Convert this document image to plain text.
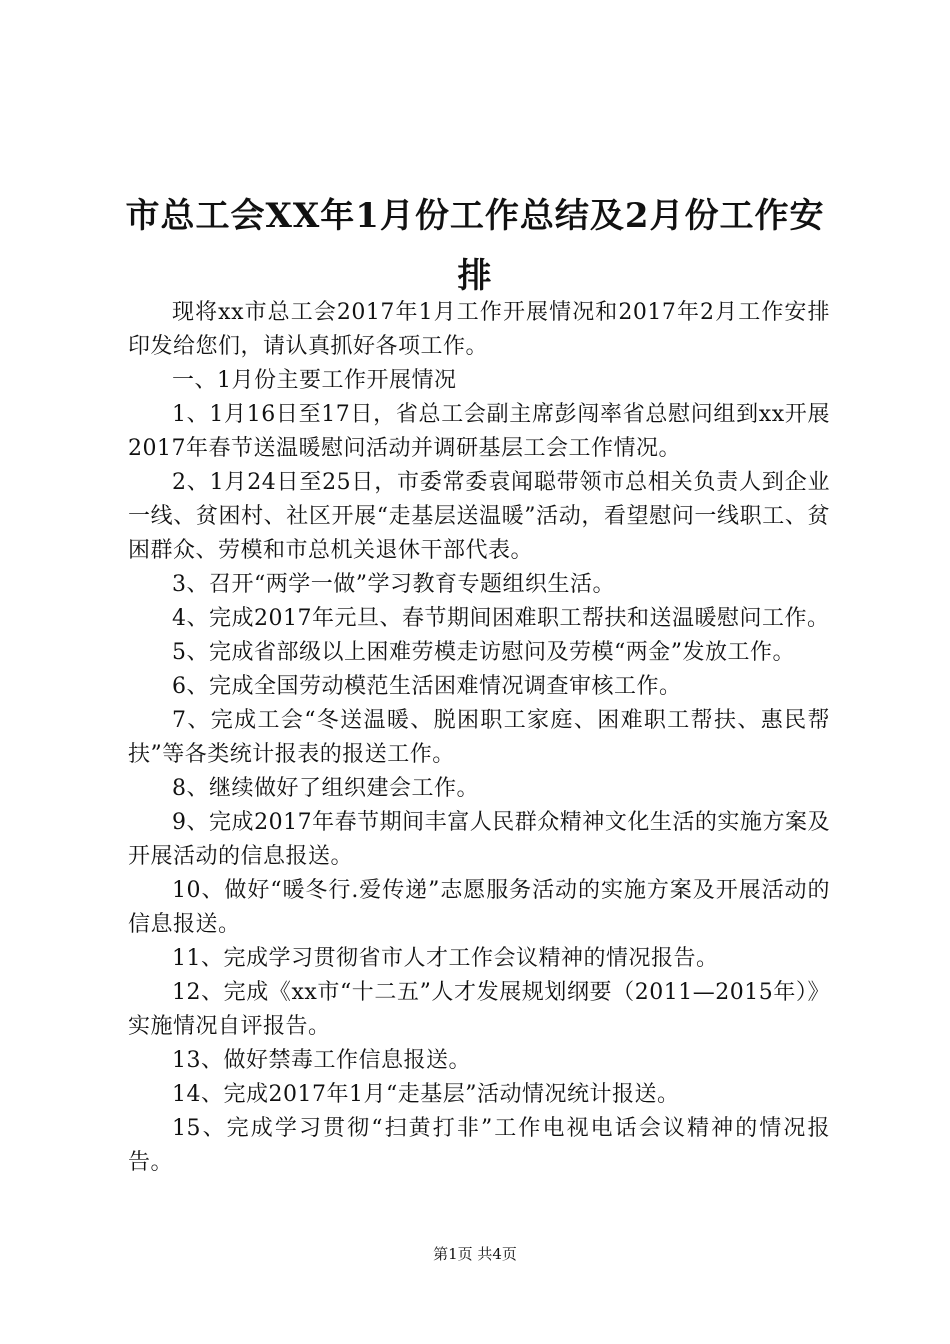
市总工会XX年1月份工作总结及2月份工作安排

现将xx市总工会2017年1月工作开展情况和2017年2月工作安排印发给您们，请认真抓好各项工作。

一、1月份主要工作开展情况

1、1月16日至17日，省总工会副主席彭闯率省总慰问组到xx开展2017年春节送温暖慰问活动并调研基层工会工作情况。

2、1月24日至25日，市委常委袁闻聪带领市总相关负责人到企业一线、贫困村、社区开展“走基层送温暖”活动，看望慰问一线职工、贫困群众、劳模和市总机关退休干部代表。

3、召开“两学一做”学习教育专题组织生活。

4、完成2017年元旦、春节期间困难职工帮扶和送温暖慰问工作。

5、完成省部级以上困难劳模走访慰问及劳模“两金”发放工作。

6、完成全国劳动模范生活困难情况调查审核工作。

7、完成工会“冬送温暖、脱困职工家庭、困难职工帮扶、惠民帮扶”等各类统计报表的报送工作。

8、继续做好了组织建会工作。

9、完成2017年春节期间丰富人民群众精神文化生活的实施方案及开展活动的信息报送。

10、做好“暖冬行.爱传递”志愿服务活动的实施方案及开展活动的信息报送。

11、完成学习贯彻省市人才工作会议精神的情况报告。

12、完成《xx市“十二五”人才发展规划纲要（2011—2015年）》实施情况自评报告。

13、做好禁毒工作信息报送。

14、完成2017年1月“走基层”活动情况统计报送。

15、完成学习贯彻“扫黄打非”工作电视电话会议精神的情况报告。

第1页 共4页
